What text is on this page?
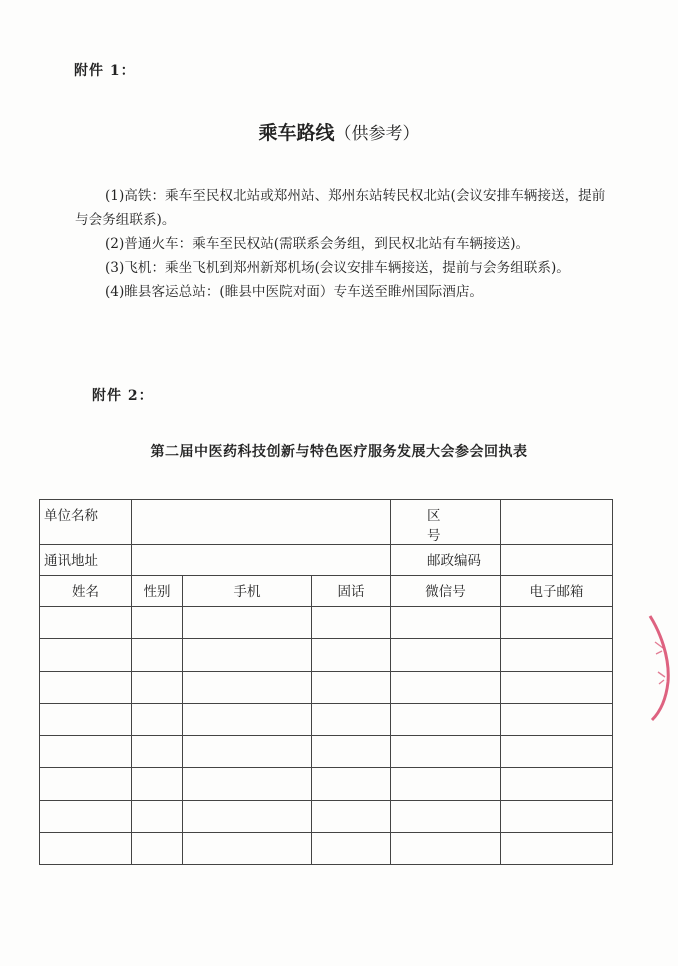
附件 1：
乘车路线（供参考）
(1)高铁：乘车至民权北站或郑州站、郑州东站转民权北站(会议安排车辆接送，提前与会务组联系)。
(2)普通火车：乘车至民权站(需联系会务组，到民权北站有车辆接送)。
(3)飞机：乘坐飞机到郑州新郑机场(会议安排车辆接送，提前与会务组联系)。
(4)睢县客运总站：(睢县中医院对面）专车送至睢州国际酒店。
附件 2：
第二届中医药科技创新与特色医疗服务发展大会参会回执表
单位名称				区号	
通讯地址				邮政编码	
姓名	性别	手机	固话	微信号	电子邮箱
